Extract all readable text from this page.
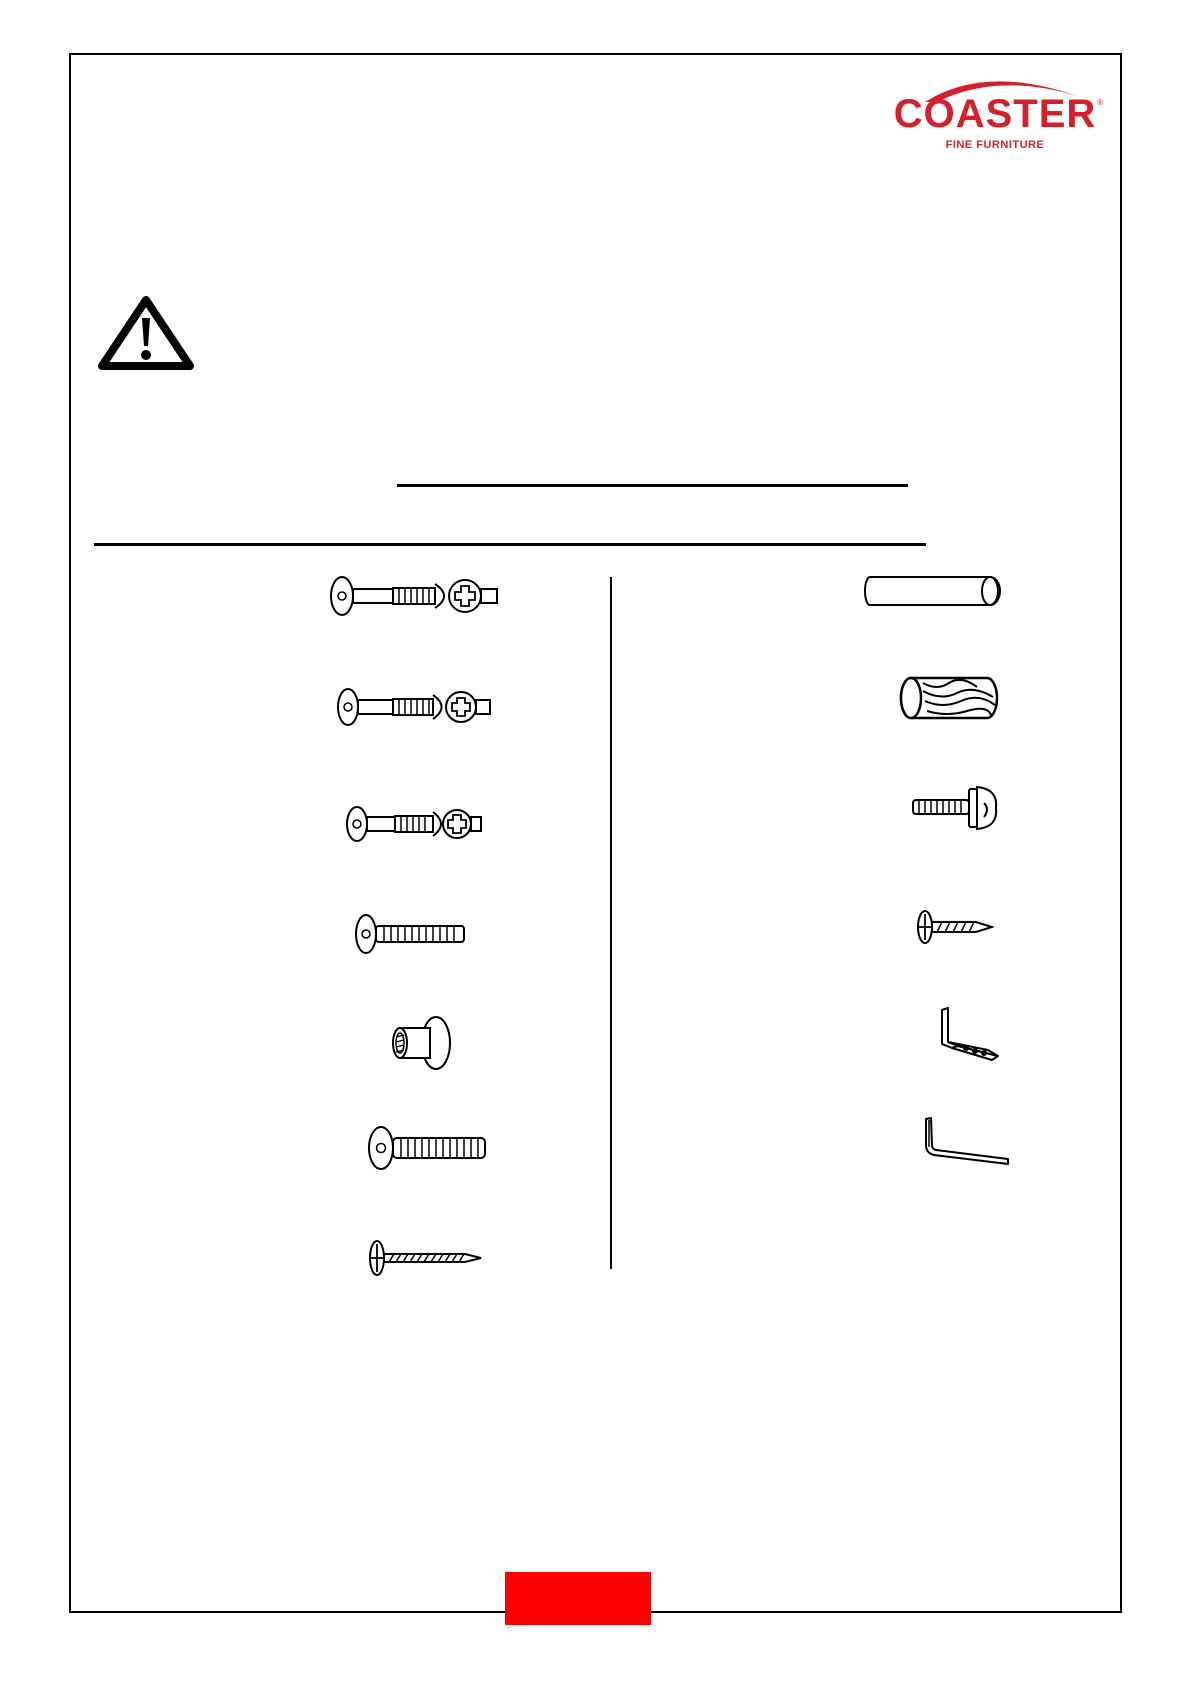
COASTER ®
FINE FURNITURE
